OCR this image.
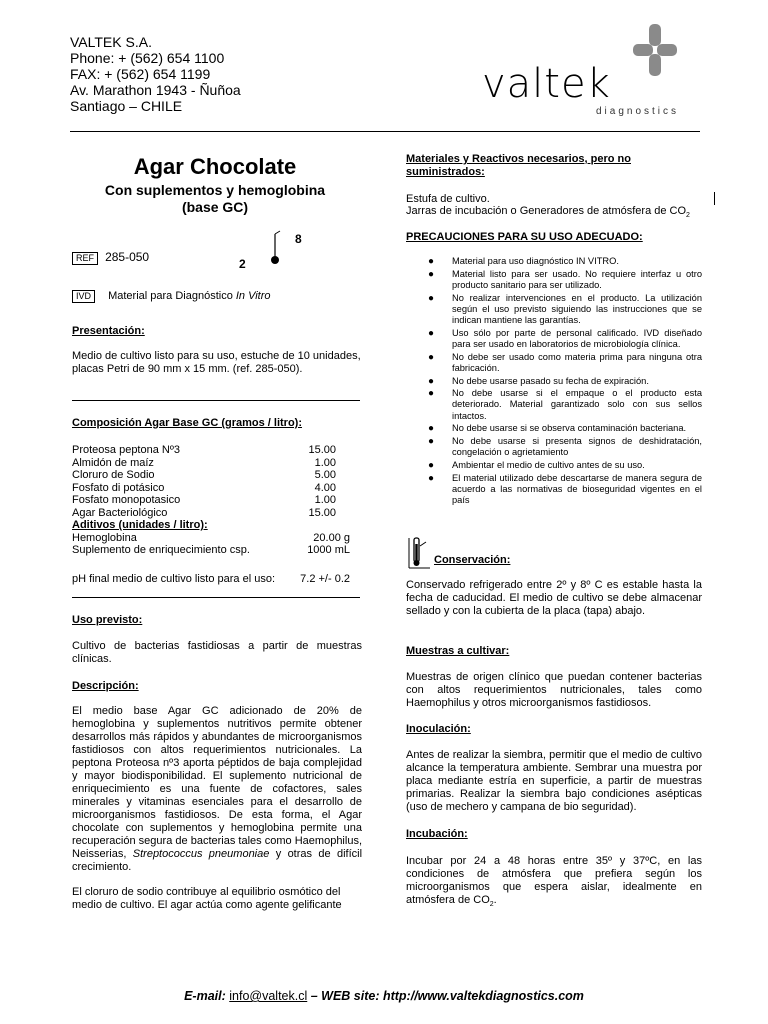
VALTEK S.A.
Phone: + (562) 654 1100
FAX: + (562) 654 1199
Av. Marathon 1943 - Ñuñoa
Santiago – CHILE	valtek
diagnostics
Agar Chocolate
Con suplementos y hemoglobina
(base GC)
REF 285-050	2
8
IVD Material para Diagnóstico In Vitro
Presentación:
Medio de cultivo listo para su uso, estuche de 10 unidades, placas Petri de 90 mm x 15 mm. (ref. 285-050).
Composición Agar Base GC (gramos / litro):
Proteosa peptona Nº3	15.00
Almidón de maíz	1.00
Cloruro de Sodio	5.00
Fosfato di potásico	4.00
Fosfato monopotasico	1.00
Agar Bacteriológico	15.00
Aditivos (unidades / litro):
Hemoglobina	20.00 g
Suplemento de enriquecimiento csp.	1000 mL
pH final medio de cultivo listo para el uso: 7.2 +/- 0.2
Uso previsto:
Cultivo de bacterias fastidiosas a partir de muestras clínicas.
Descripción:
El medio base Agar GC adicionado de 20% de hemoglobina y suplementos nutritivos permite obtener desarrollos más rápidos y abundantes de microorganismos fastidiosos con altos requerimientos nutricionales. La peptona Proteosa nº3 aporta péptidos de baja complejidad y mayor biodisponibilidad. El suplemento nutricional de enriquecimiento es una fuente de cofactores, sales minerales y vitaminas esenciales para el desarrollo de microorganismos fastidiosos. De esta forma, el Agar chocolate con suplementos y hemoglobina permite una recuperación segura de bacterias tales como Haemophilus, Neisserias, Streptococcus pneumoniae y otras de difícil crecimiento.
El cloruro de sodio contribuye al equilibrio osmótico del medio de cultivo. El agar actúa como agente gelificante
Materiales y Reactivos necesarios, pero no suministrados:
Estufa de cultivo.
Jarras de incubación o Generadores de atmósfera de $CO_2$
PRECAUCIONES PARA SU USO ADECUADO:
● Material para uso diagnóstico IN VITRO.
● Material listo para ser usado. No requiere interfaz u otro producto sanitario para ser utilizado.
● No realizar intervenciones en el producto. La utilización según el uso previsto siguiendo las instrucciones que se indican mantiene las garantías.
● Uso sólo por parte de personal calificado. IVD diseñado para ser usado en laboratorios de microbiología clínica.
● No debe ser usado como materia prima para ninguna otra fabricación.
● No debe usarse pasado su fecha de expiración.
● No debe usarse si el empaque o el producto esta deteriorado. Material garantizado solo con sus sellos intactos.
● No debe usarse si se observa contaminación bacteriana.
● No debe usarse si presenta signos de deshidratación, congelación o agrietamiento
● Ambientar el medio de cultivo antes de su uso.
● El material utilizado debe descartarse de manera segura de acuerdo a las normativas de bioseguridad vigentes en el país
Conservación:
Conservado refrigerado entre 2º y 8º C es estable hasta la fecha de caducidad. El medio de cultivo se debe almacenar sellado y con la cubierta de la placa (tapa) abajo.
Muestras a cultivar:
Muestras de origen clínico que puedan contener bacterias con altos requerimientos nutricionales, tales como Haemophilus y otros microorganismos fastidiosos.
Inoculación:
Antes de realizar la siembra, permitir que el medio de cultivo alcance la temperatura ambiente. Sembrar una muestra por placa mediante estría en superficie, a partir de muestras primarias. Realizar la siembra bajo condiciones asépticas (uso de mechero y campana de bio seguridad).
Incubación:
Incubar por 24 a 48 horas entre 35º y 37ºC, en las condiciones de atmósfera que prefiera según los microorganismos que espera aislar, idealmente en atmósfera de $CO_2$.
E-mail: info@valtek.cl – WEB site: http://www.valtekdiagnostics.com
